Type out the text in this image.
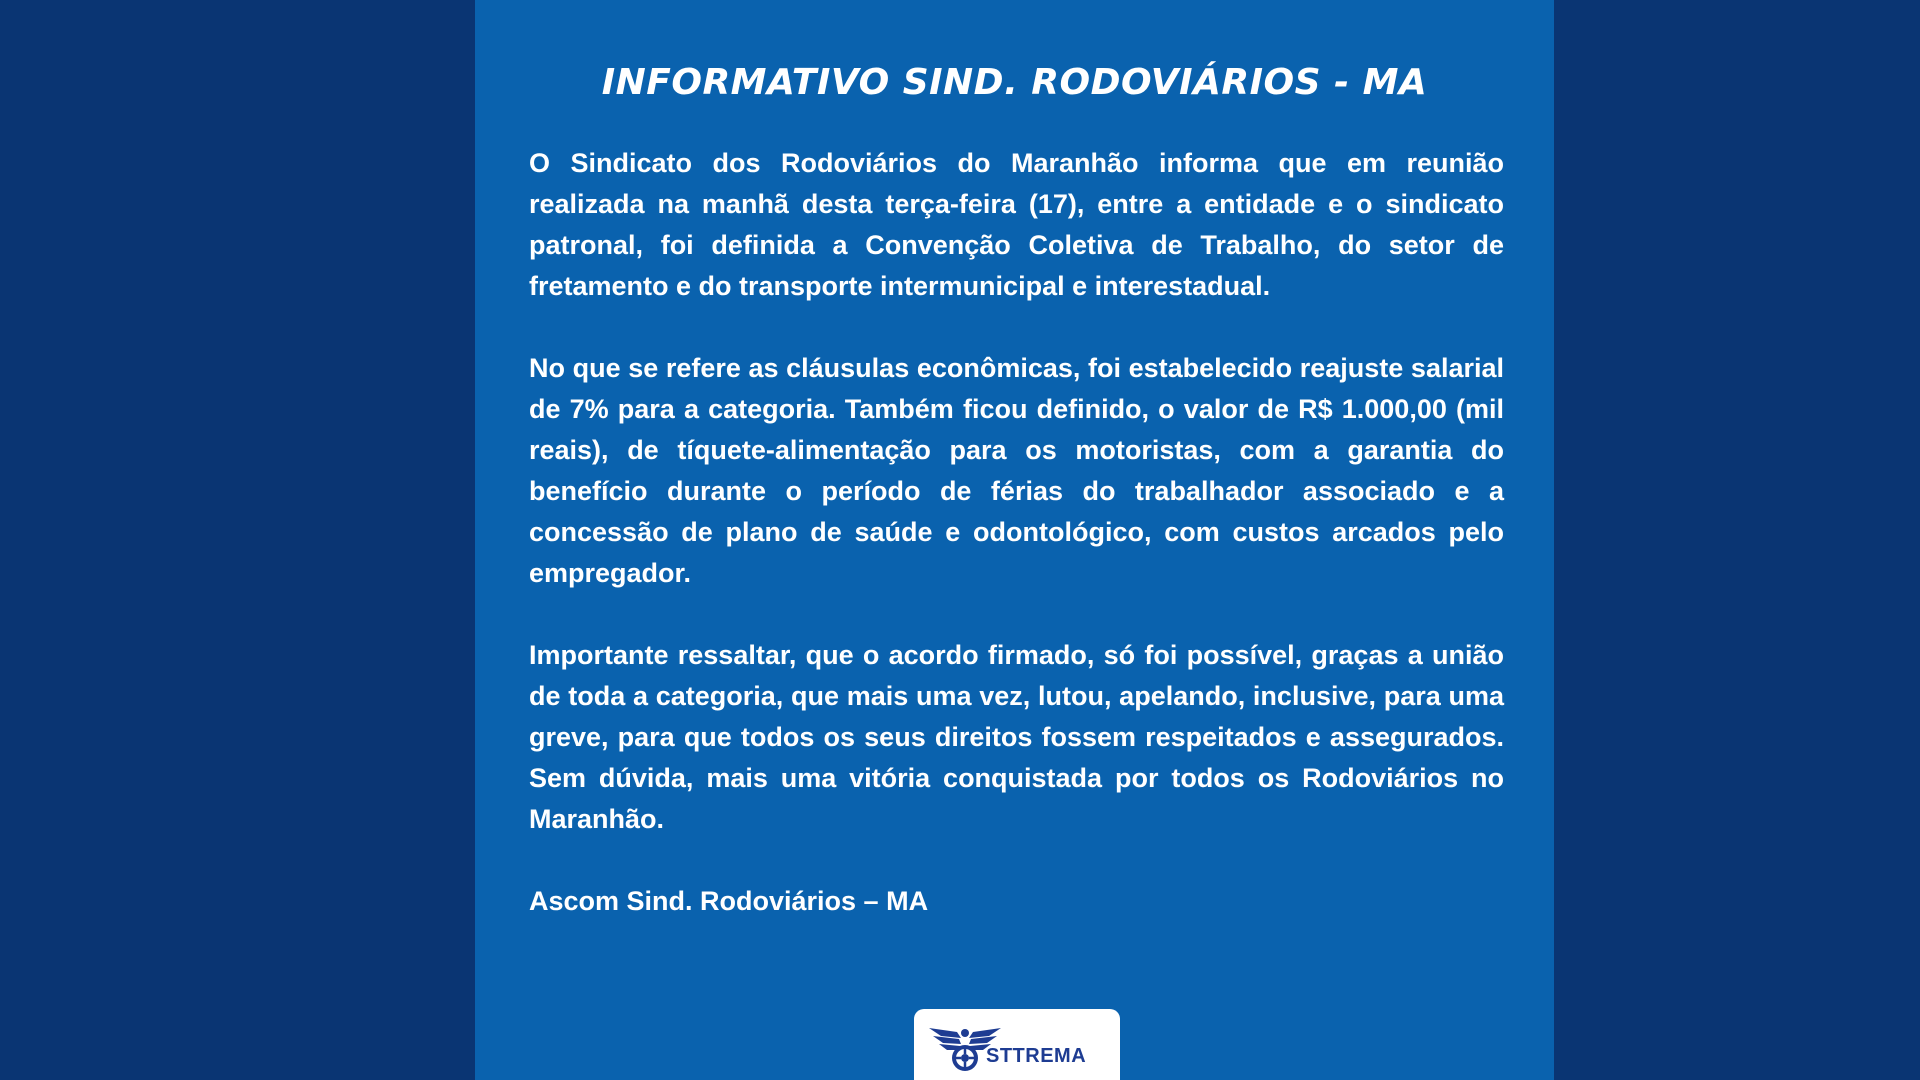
INFORMATIVO SIND. RODOVIÁRIOS - MA

O Sindicato dos Rodoviários do Maranhão informa que em reunião realizada na manhã desta terça-feira (17), entre a entidade e o sindicato patronal, foi definida a Convenção Coletiva de Trabalho, do setor de fretamento e do transporte intermunicipal e interestadual.

No que se refere as cláusulas econômicas, foi estabelecido reajuste salarial de 7% para a categoria. Também ficou definido, o valor de R$ 1.000,00 (mil reais), de tíquete-alimentação para os motoristas, com a garantia do benefício durante o período de férias do trabalhador associado e a concessão de plano de saúde e odontológico, com custos arcados pelo empregador.

Importante ressaltar, que o acordo firmado, só foi possível, graças a união de toda a categoria, que mais uma vez, lutou, apelando, inclusive, para uma greve, para que todos os seus direitos fossem respeitados e assegurados. Sem dúvida, mais uma vitória conquistada por todos os Rodoviários no Maranhão.

Ascom Sind. Rodoviários – MA

STTREMA
